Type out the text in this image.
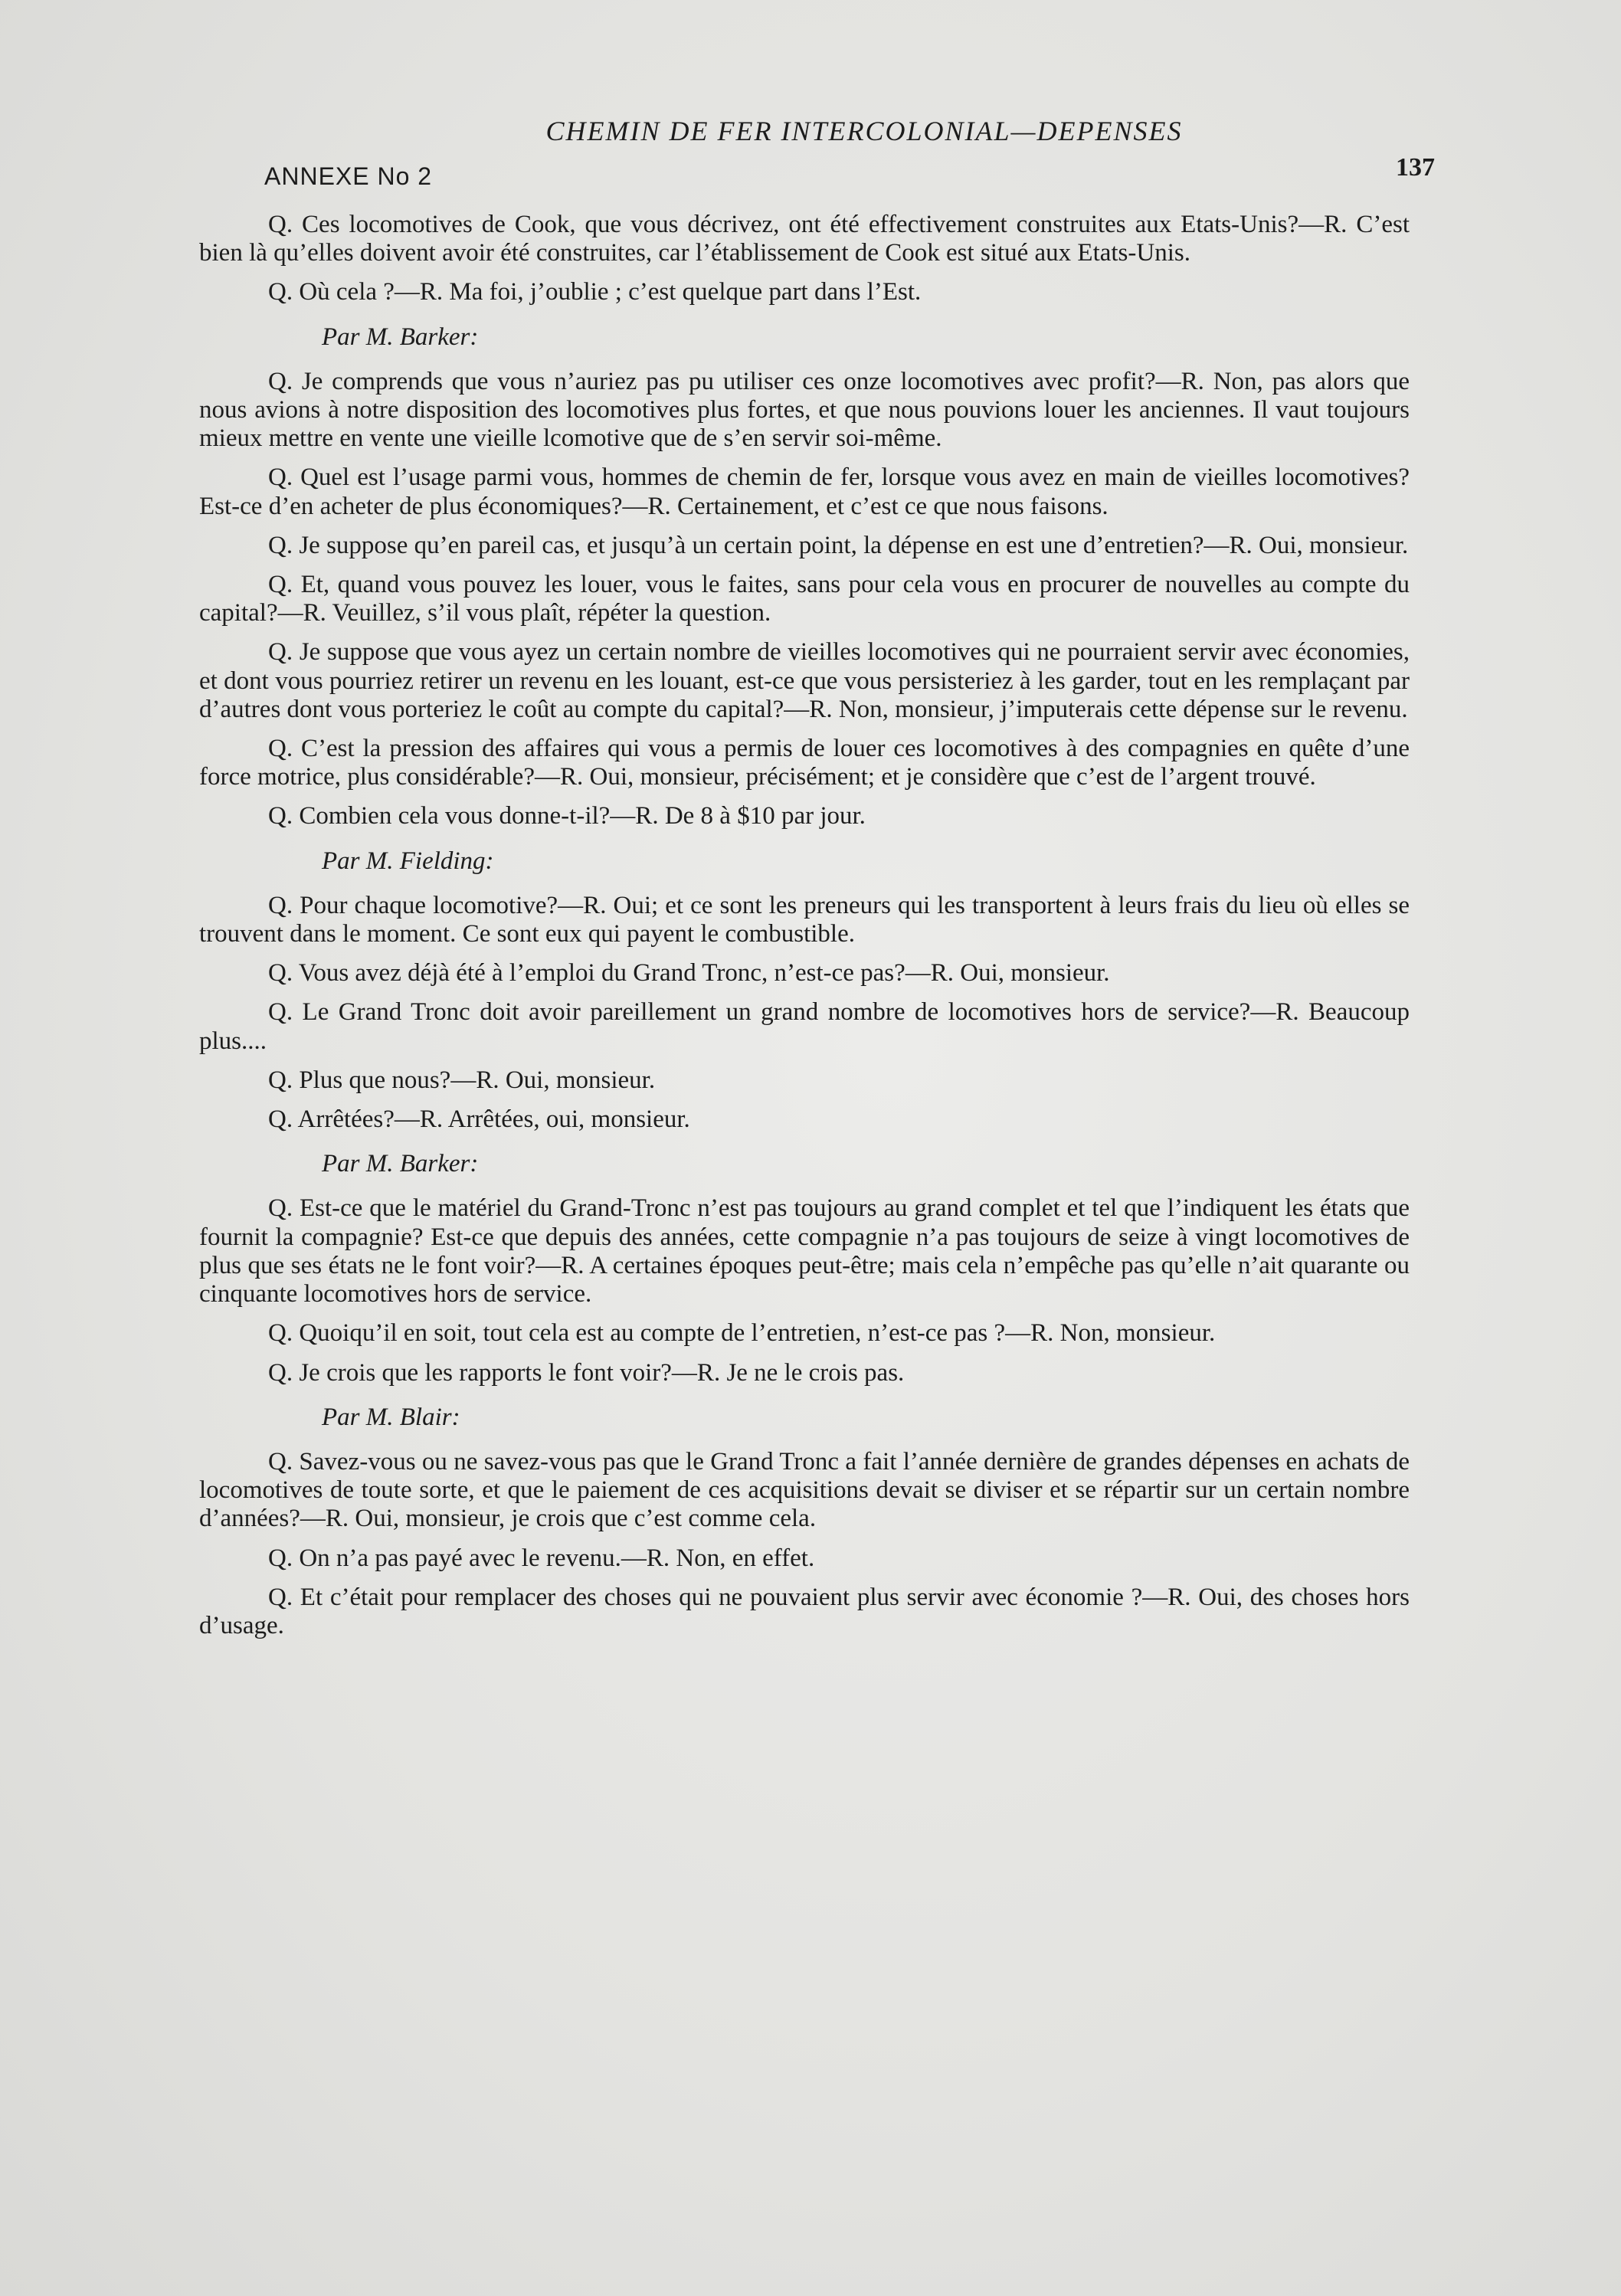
CHEMIN DE FER INTERCOLONIAL—DEPENSES
ANNEXE No 2	137

Q. Ces locomotives de Cook, que vous décrivez, ont été effectivement construites aux Etats-Unis?—R. C’est bien là qu’elles doivent avoir été construites, car l’établissement de Cook est situé aux Etats-Unis.

Q. Où cela ?—R. Ma foi, j’oublie ; c’est quelque part dans l’Est.

Par M. Barker:

Q. Je comprends que vous n’auriez pas pu utiliser ces onze locomotives avec profit?—R. Non, pas alors que nous avions à notre disposition des locomotives plus fortes, et que nous pouvions louer les anciennes. Il vaut toujours mieux mettre en vente une vieille lcomotive que de s’en servir soi-même.

Q. Quel est l’usage parmi vous, hommes de chemin de fer, lorsque vous avez en main de vieilles locomotives? Est-ce d’en acheter de plus économiques?—R. Certainement, et c’est ce que nous faisons.

Q. Je suppose qu’en pareil cas, et jusqu’à un certain point, la dépense en est une d’entretien?—R. Oui, monsieur.

Q. Et, quand vous pouvez les louer, vous le faites, sans pour cela vous en procurer de nouvelles au compte du capital?—R. Veuillez, s’il vous plaît, répéter la question.

Q. Je suppose que vous ayez un certain nombre de vieilles locomotives qui ne pourraient servir avec économies, et dont vous pourriez retirer un revenu en les louant, est-ce que vous persisteriez à les garder, tout en les remplaçant par d’autres dont vous porteriez le coût au compte du capital?—R. Non, monsieur, j’imputerais cette dépense sur le revenu.

Q. C’est la pression des affaires qui vous a permis de louer ces locomotives à des compagnies en quête d’une force motrice, plus considérable?—R. Oui, monsieur, précisément; et je considère que c’est de l’argent trouvé.

Q. Combien cela vous donne-t-il?—R. De 8 à $10 par jour.

Par M. Fielding:

Q. Pour chaque locomotive?—R. Oui; et ce sont les preneurs qui les transportent à leurs frais du lieu où elles se trouvent dans le moment. Ce sont eux qui payent le combustible.

Q. Vous avez déjà été à l’emploi du Grand Tronc, n’est-ce pas?—R. Oui, monsieur.

Q. Le Grand Tronc doit avoir pareillement un grand nombre de locomotives hors de service?—R. Beaucoup plus....

Q. Plus que nous?—R. Oui, monsieur.

Q. Arrêtées?—R. Arrêtées, oui, monsieur.

Par M. Barker:

Q. Est-ce que le matériel du Grand-Tronc n’est pas toujours au grand complet et tel que l’indiquent les états que fournit la compagnie? Est-ce que depuis des années, cette compagnie n’a pas toujours de seize à vingt locomotives de plus que ses états ne le font voir?—R. A certaines époques peut-être; mais cela n’empêche pas qu’elle n’ait quarante ou cinquante locomotives hors de service.

Q. Quoiqu’il en soit, tout cela est au compte de l’entretien, n’est-ce pas ?—R. Non, monsieur.

Q. Je crois que les rapports le font voir?—R. Je ne le crois pas.

Par M. Blair:

Q. Savez-vous ou ne savez-vous pas que le Grand Tronc a fait l’année dernière de grandes dépenses en achats de locomotives de toute sorte, et que le paiement de ces acquisitions devait se diviser et se répartir sur un certain nombre d’années?—R. Oui, monsieur, je crois que c’est comme cela.

Q. On n’a pas payé avec le revenu.—R. Non, en effet.

Q. Et c’était pour remplacer des choses qui ne pouvaient plus servir avec économie ?—R. Oui, des choses hors d’usage.
